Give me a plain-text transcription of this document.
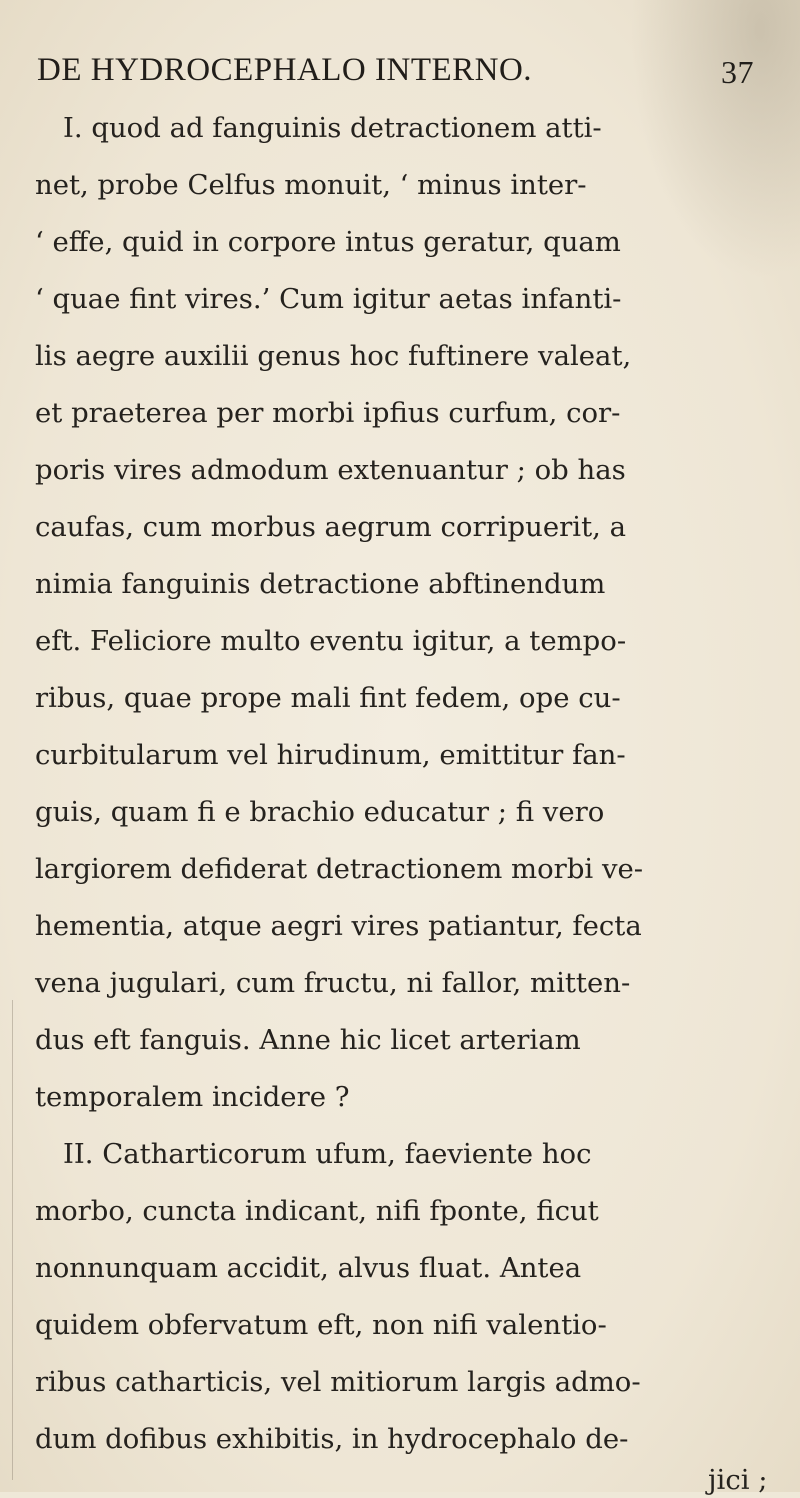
DE HYDROCEPHALO INTERNO.	37
I. quod ad fanguinis detractionem atti-
net, probe Celfus monuit, ‘ minus inter-
‘ effe, quid in corpore intus geratur, quam
‘ quae fint vires.’ Cum igitur aetas infanti-
lis aegre auxilii genus hoc fuftinere valeat,
et praeterea per morbi ipfius curfum, cor-
poris vires admodum extenuantur ; ob has
caufas, cum morbus aegrum corripuerit, a
nimia fanguinis detractione abftinendum
eft. Feliciore multo eventu igitur, a tempo-
ribus, quae prope mali fint fedem, ope cu-
curbitularum vel hirudinum, emittitur fan-
guis, quam fi e brachio educatur ; fi vero
largiorem defiderat detractionem morbi ve-
hementia, atque aegri vires patiantur, fecta
vena jugulari, cum fructu, ni fallor, mitten-
dus eft fanguis. Anne hic licet arteriam
temporalem incidere ?
II. Catharticorum ufum, faeviente hoc
morbo, cuncta indicant, nifi fponte, ficut
nonnunquam accidit, alvus fluat. Antea
quidem obfervatum eft, non nifi valentio-
ribus catharticis, vel mitiorum largis admo-
dum dofibus exhibitis, in hydrocephalo de-
jici ;
